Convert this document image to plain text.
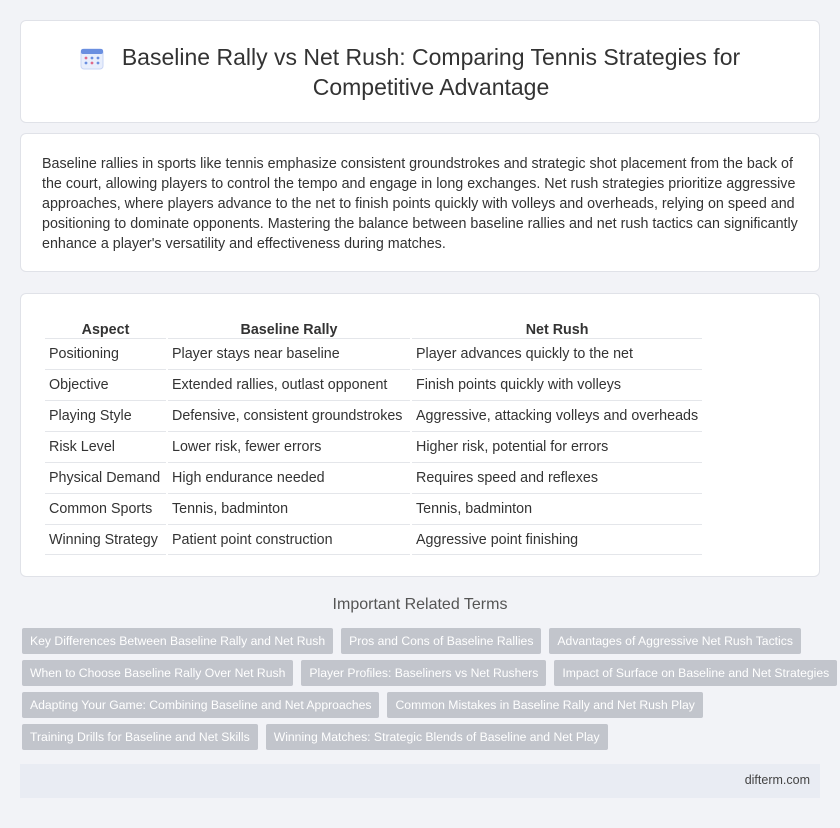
Baseline Rally vs Net Rush: Comparing Tennis Strategies for Competitive Advantage

Baseline rallies in sports like tennis emphasize consistent groundstrokes and strategic shot placement from the back of the court, allowing players to control the tempo and engage in long exchanges. Net rush strategies prioritize aggressive approaches, where players advance to the net to finish points quickly with volleys and overheads, relying on speed and positioning to dominate opponents. Mastering the balance between baseline rallies and net rush tactics can significantly enhance a player's versatility and effectiveness during matches.

Aspect	Baseline Rally	Net Rush
Positioning	Player stays near baseline	Player advances quickly to the net
Objective	Extended rallies, outlast opponent	Finish points quickly with volleys
Playing Style	Defensive, consistent groundstrokes	Aggressive, attacking volleys and overheads
Risk Level	Lower risk, fewer errors	Higher risk, potential for errors
Physical Demand	High endurance needed	Requires speed and reflexes
Common Sports	Tennis, badminton	Tennis, badminton
Winning Strategy	Patient point construction	Aggressive point finishing
Important Related Terms
Key Differences Between Baseline Rally and Net Rush	Pros and Cons of Baseline Rallies	Advantages of Aggressive Net Rush Tactics
When to Choose Baseline Rally Over Net Rush	Player Profiles: Baseliners vs Net Rushers	Impact of Surface on Baseline and Net Strategies
Adapting Your Game: Combining Baseline and Net Approaches	Common Mistakes in Baseline Rally and Net Rush Play
Training Drills for Baseline and Net Skills	Winning Matches: Strategic Blends of Baseline and Net Play
difterm.com
